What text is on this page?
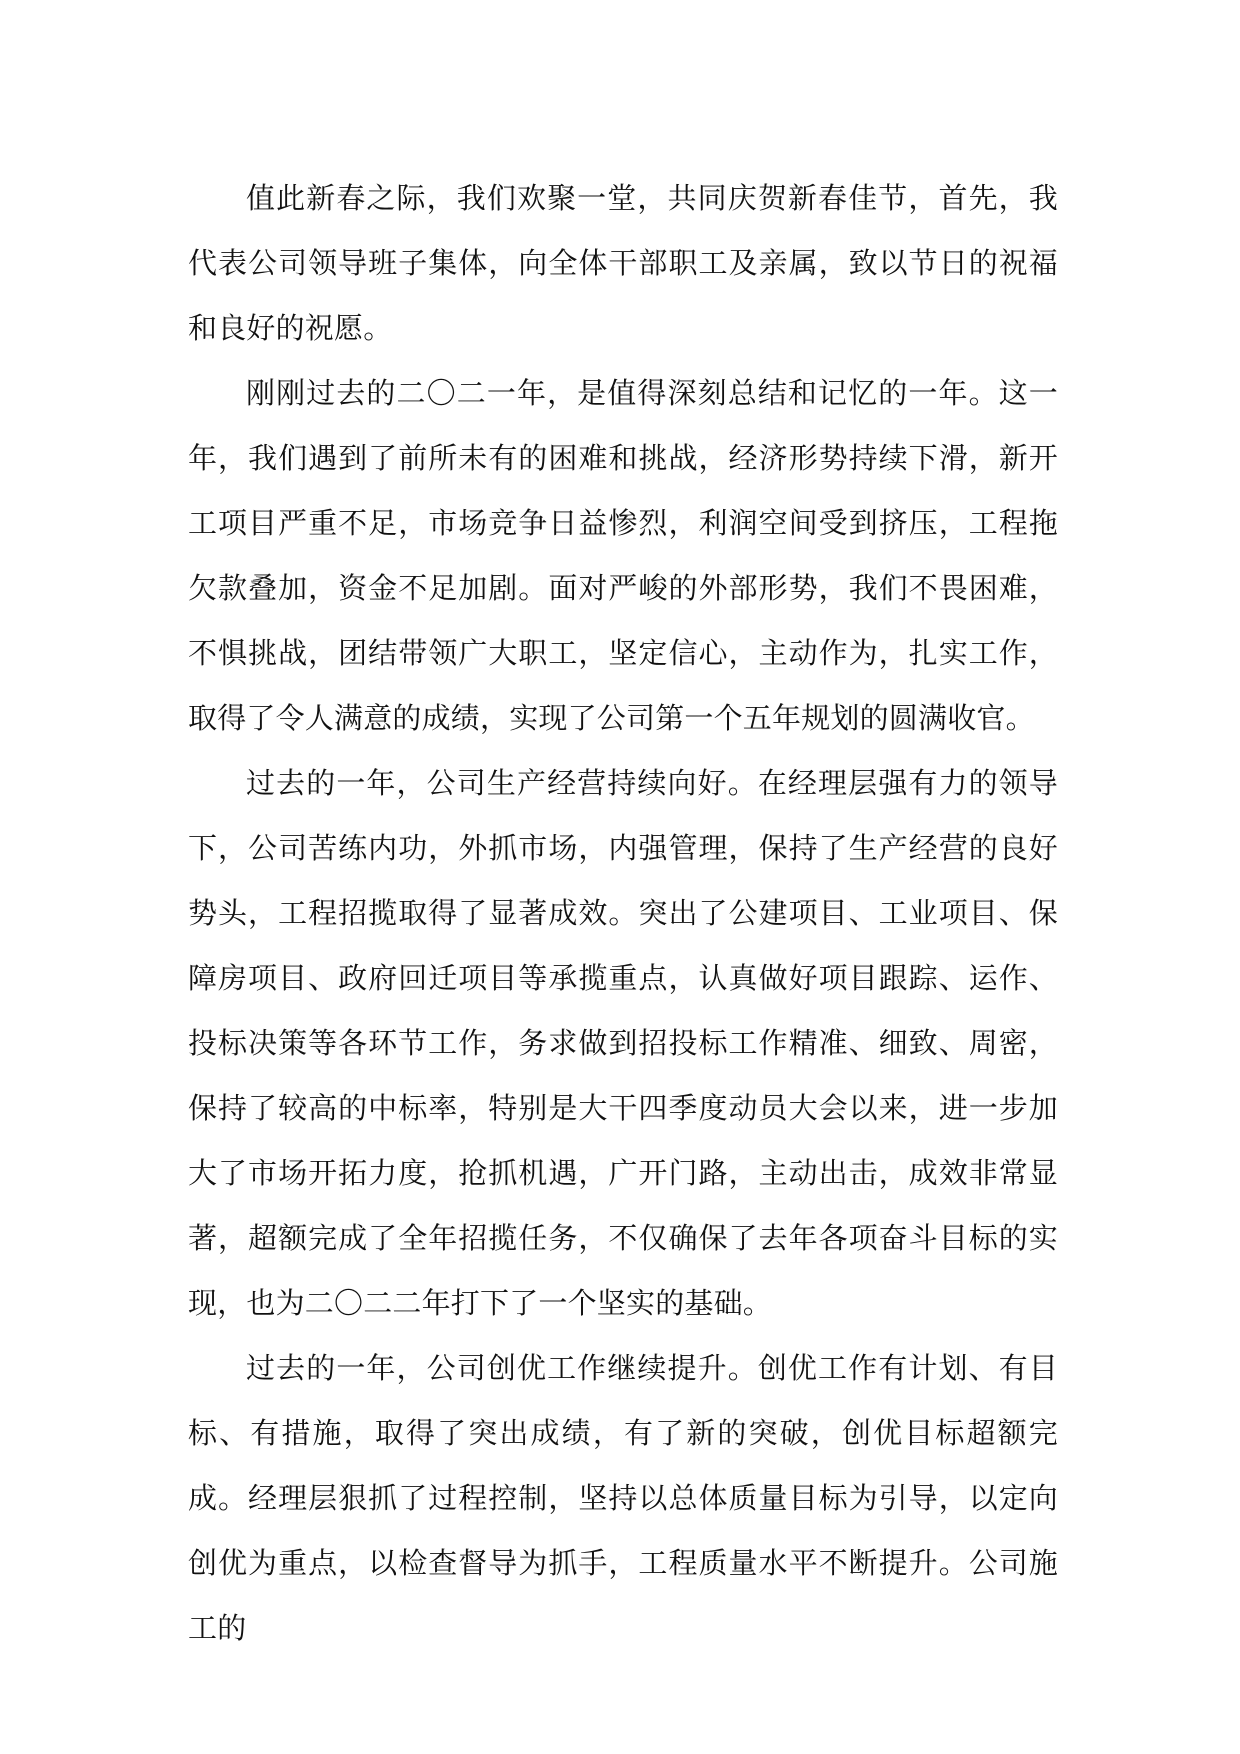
值此新春之际，我们欢聚一堂，共同庆贺新春佳节，首先，我代表公司领导班子集体，向全体干部职工及亲属，致以节日的祝福和良好的祝愿。

刚刚过去的二〇二一年，是值得深刻总结和记忆的一年。这一年，我们遇到了前所未有的困难和挑战，经济形势持续下滑，新开工项目严重不足，市场竞争日益惨烈，利润空间受到挤压，工程拖欠款叠加，资金不足加剧。面对严峻的外部形势，我们不畏困难，不惧挑战，团结带领广大职工，坚定信心，主动作为，扎实工作，取得了令人满意的成绩，实现了公司第一个五年规划的圆满收官。

过去的一年，公司生产经营持续向好。在经理层强有力的领导下，公司苦练内功，外抓市场，内强管理，保持了生产经营的良好势头，工程招揽取得了显著成效。突出了公建项目、工业项目、保障房项目、政府回迁项目等承揽重点，认真做好项目跟踪、运作、投标决策等各环节工作，务求做到招投标工作精准、细致、周密，保持了较高的中标率，特别是大干四季度动员大会以来，进一步加大了市场开拓力度，抢抓机遇，广开门路，主动出击，成效非常显著，超额完成了全年招揽任务，不仅确保了去年各项奋斗目标的实现，也为二〇二二年打下了一个坚实的基础。

过去的一年，公司创优工作继续提升。创优工作有计划、有目标、有措施，取得了突出成绩，有了新的突破，创优目标超额完成。经理层狠抓了过程控制，坚持以总体质量目标为引导，以定向创优为重点，以检查督导为抓手，工程质量水平不断提升。公司施工的
